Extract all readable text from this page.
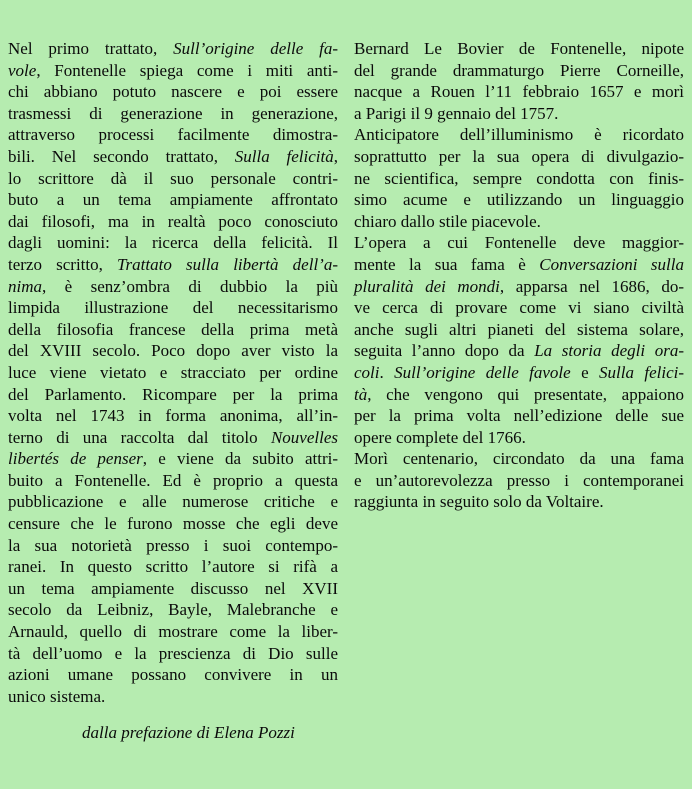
Nel primo trattato, Sull’origine delle fa-
vole, Fontenelle spiega come i miti anti-
chi abbiano potuto nascere e poi essere
trasmessi di generazione in generazione,
attraverso processi facilmente dimostra-
bili. Nel secondo trattato, Sulla felicità,
lo scrittore dà il suo personale contri-
buto a un tema ampiamente affrontato
dai filosofi, ma in realtà poco conosciuto
dagli uomini: la ricerca della felicità. Il
terzo scritto, Trattato sulla libertà dell’a-
nima, è senz’ombra di dubbio la più
limpida illustrazione del necessitarismo
della filosofia francese della prima metà
del XVIII secolo. Poco dopo aver visto la
luce viene vietato e stracciato per ordine
del Parlamento. Ricompare per la prima
volta nel 1743 in forma anonima, all’in-
terno di una raccolta dal titolo Nouvelles
libertés de penser, e viene da subito attri-
buito a Fontenelle. Ed è proprio a questa
pubblicazione e alle numerose critiche e
censure che le furono mosse che egli deve
la sua notorietà presso i suoi contempo-
ranei. In questo scritto l’autore si rifà a
un tema ampiamente discusso nel XVII
secolo da Leibniz, Bayle, Malebranche e
Arnauld, quello di mostrare come la liber-
tà dell’uomo e la prescienza di Dio sulle
azioni umane possano convivere in un
unico sistema.
Bernard Le Bovier de Fontenelle, nipote
del grande drammaturgo Pierre Corneille,
nacque a Rouen l’11 febbraio 1657 e morì
a Parigi il 9 gennaio del 1757.
Anticipatore dell’illuminismo è ricordato
soprattutto per la sua opera di divulgazio-
ne scientifica, sempre condotta con finis-
simo acume e utilizzando un linguaggio
chiaro dallo stile piacevole.
L’opera a cui Fontenelle deve maggior-
mente la sua fama è Conversazioni sulla
pluralità dei mondi, apparsa nel 1686, do-
ve cerca di provare come vi siano civiltà
anche sugli altri pianeti del sistema solare,
seguita l’anno dopo da La storia degli ora-
coli. Sull’origine delle favole e Sulla felici-
tà, che vengono qui presentate, appaiono
per la prima volta nell’edizione delle sue
opere complete del 1766.
Morì centenario, circondato da una fama
e un’autorevolezza presso i contemporanei
raggiunta in seguito solo da Voltaire.
dalla prefazione di Elena Pozzi
